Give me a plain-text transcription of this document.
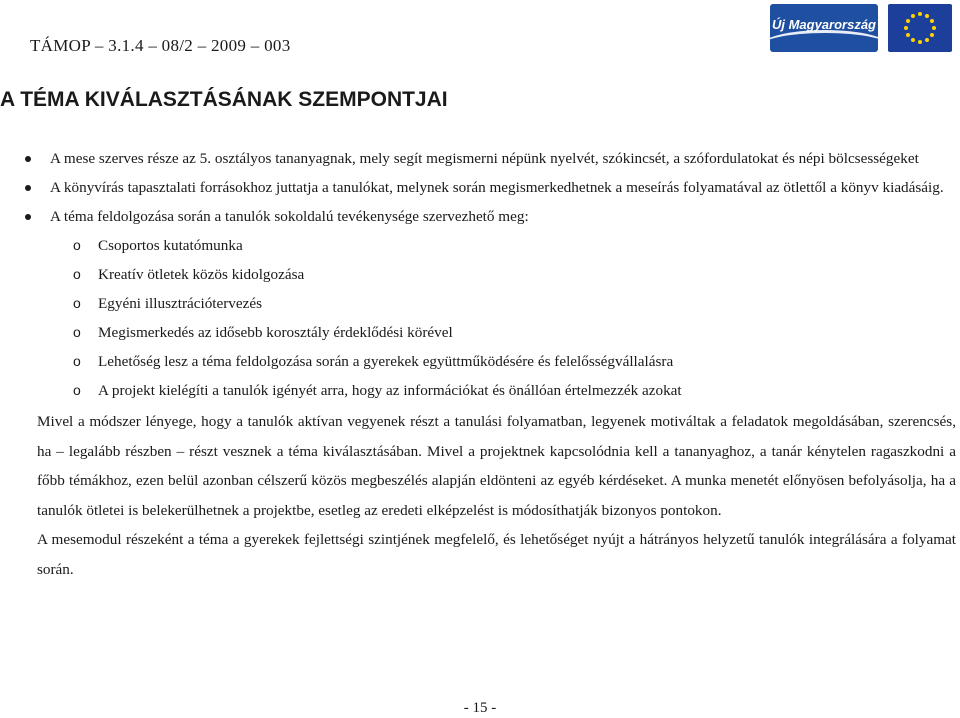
TÁMOP – 3.1.4 – 08/2 – 2009 – 003
Új Magyarország
A TÉMA KIVÁLASZTÁSÁNAK SZEMPONTJAI
A mese szerves része az 5. osztályos tananyagnak, mely segít megismerni népünk nyelvét, szókincsét, a szófordulatokat és népi bölcsességeket
A könyvírás tapasztalati forrásokhoz juttatja a tanulókat, melynek során megismerkedhetnek a meseírás folyamatával az ötlettől a könyv kiadásáig.
A téma feldolgozása során a tanulók sokoldalú tevékenysége szervezhető meg:
o Csoportos kutatómunka
o Kreatív ötletek közös kidolgozása
o Egyéni illusztrációtervezés
o Megismerkedés az idősebb korosztály érdeklődési körével
o Lehetőség lesz a téma feldolgozása során a gyerekek együttműködésére és felelősségvállalásra
o A projekt kielégíti a tanulók igényét arra, hogy az információkat és önállóan értelmezzék azokat
Mivel a módszer lényege, hogy a tanulók aktívan vegyenek részt a tanulási folyamatban, legyenek motiváltak a feladatok megoldásában, szerencsés, ha – legalább részben – részt vesznek a téma kiválasztásában. Mivel a projektnek kapcsolódnia kell a tananyaghoz, a tanár kénytelen ragaszkodni a főbb témákhoz, ezen belül azonban célszerű közös megbeszélés alapján eldönteni az egyéb kérdéseket. A munka menetét előnyösen befolyásolja, ha a tanulók ötletei is belekerülhetnek a projektbe, esetleg az eredeti elképzelést is módosíthatják bizonyos pontokon.
A mesemodul részeként a téma a gyerekek fejlettségi szintjének megfelelő, és lehetőséget nyújt a hátrányos helyzetű tanulók integrálására a folyamat során.
- 15 -
